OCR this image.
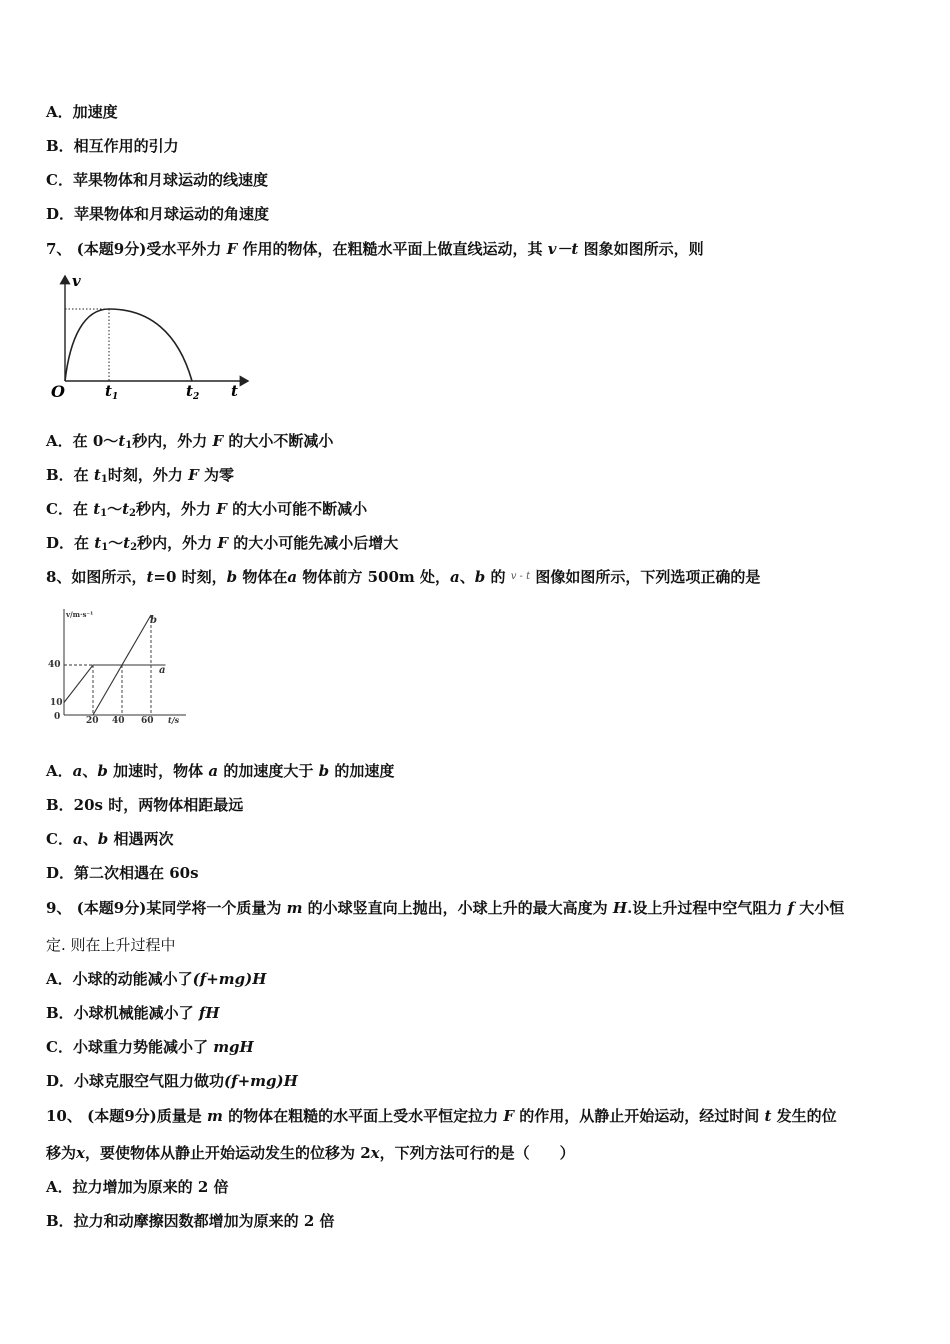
A．加速度
B．相互作用的引力
C．苹果物体和月球运动的线速度
D．苹果物体和月球运动的角速度
7、 (本题9分)受水平外力 F 作用的物体，在粗糙水平面上做直线运动，其 v－t 图象如图所示，则
v
O	$t_1$	$t_2$ t
A．在 0～t1秒内，外力 F 的大小不断减小
B．在 t1时刻，外力 F 为零
C．在 t1～t2秒内，外力 F 的大小可能不断减小
D．在 t1～t2秒内，外力 F 的大小可能先减小后增大
8、如图所示，t=0 时刻，b 物体在a 物体前方 500m 处，a、b 的 $^{v - t}$ 图像如图所示，下列选项正确的是
v/m·s⁻¹
t/s
40
10
0	20 40 60
a
b
A．a、b 加速时，物体 a 的加速度大于 b 的加速度
B．20s 时，两物体相距最远
C．a、b 相遇两次
D．第二次相遇在 60s
9、 (本题9分)某同学将一个质量为 m 的小球竖直向上抛出，小球上升的最大高度为 H.设上升过程中空气阻力 f 大小恒
定. 则在上升过程中
A．小球的动能减小了(f+mg)H
B．小球机械能减小了 fH
C．小球重力势能减小了 mgH
D．小球克服空气阻力做功(f+mg)H
10、 (本题9分)质量是 m 的物体在粗糙的水平面上受水平恒定拉力 F 的作用，从静止开始运动，经过时间 t 发生的位
移为x，要使物体从静止开始运动发生的位移为 2x，下列方法可行的是（　　）
A．拉力增加为原来的 2 倍
B．拉力和动摩擦因数都增加为原来的 2 倍
